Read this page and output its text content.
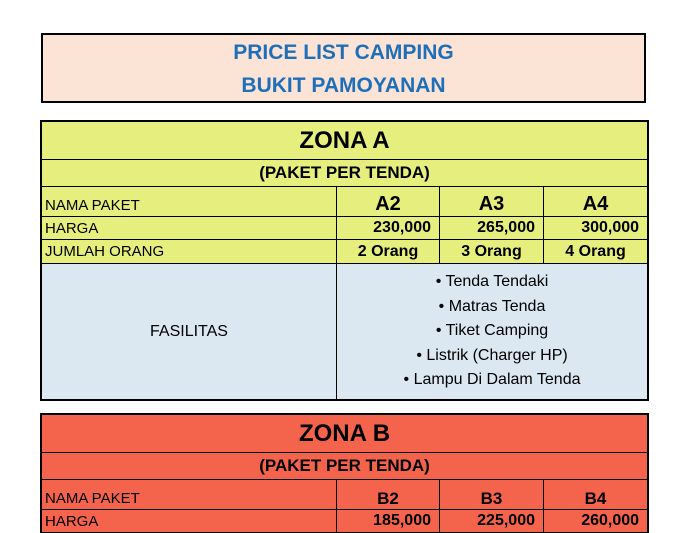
PRICE LIST CAMPING
BUKIT PAMOYANAN
ZONA A			
(PAKET PER TENDA)			
NAMA PAKET	A2	A3	A4
HARGA	230,000	265,000	300,000
JUMLAH ORANG	2 Orang	3 Orang	4 Orang
FASILITAS	• Tenda Tendaki
• Matras Tenda
• Tiket Camping
• Listrik (Charger HP)
• Lampu Di Dalam Tenda		
ZONA B			
(PAKET PER TENDA)			
NAMA PAKET	B2	B3	B4
HARGA	185,000	225,000	260,000
